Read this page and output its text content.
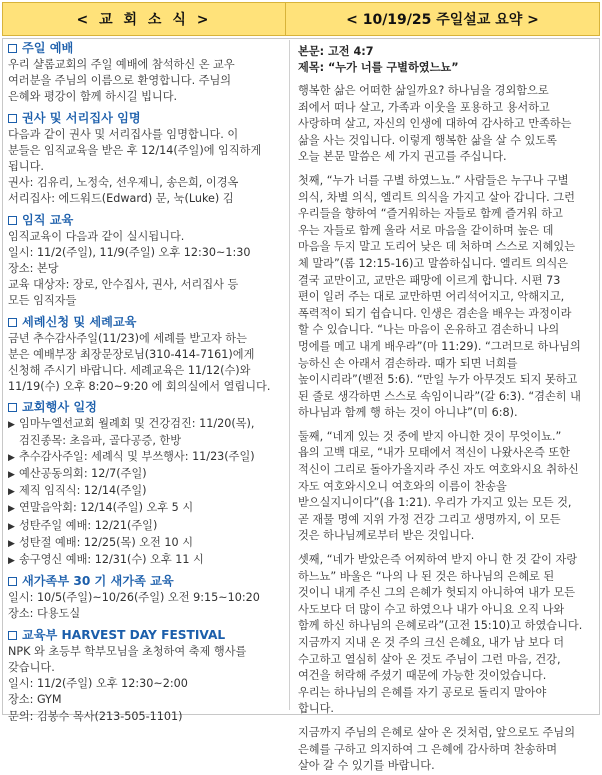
< 교 회 소 식 >	< 10/19/25 주일설교 요약 >
주일 예배
우리 샬롬교회의 주일 예배에 참석하신 온 교우
여러분을 주님의 이름으로 환영합니다. 주님의
은혜와 평강이 함께 하시길 빕니다.
권사 및 서리집사 임명
다음과 같이 권사 및 서리집사를 임명합니다. 이
분들은 임직교육을 받은 후 12/14(주일)에 임직하게
됩니다.
권사: 김유리, 노정숙, 선우제니, 송은희, 이경옥
서리집사: 에드워드(Edward) 문, 눅(Luke) 김
임직 교육
임직교육이 다음과 같이 실시됩니다.
일시: 11/2(주일), 11/9(주일) 오후 12:30~1:30
장소: 본당
교육 대상자: 장로, 안수집사, 권사, 서리집사 등
모든 임직자들
세례신청 및 세례교육
금년 추수감사주일(11/23)에 세례를 받고자 하는
분은 예배부장 최장문장로님(310-414-7161)에게
신청해 주시기 바랍니다. 세례교육은 11/12(수)와
11/19(수) 오후 8:20~9:20 에 회의실에서 열립니다.
교회행사 일정
▶ 임마누엘선교회 월례회 및 건강검진: 11/20(목),
검진종목: 초음파, 골다공증, 한방
▶ 추수감사주일: 세례식 및 부쓰행사: 11/23(주일)
▶ 예산공동의회: 12/7(주일)
▶ 제직 임직식: 12/14(주일)
▶ 연말음악회: 12/14(주일) 오후 5 시
▶ 성탄주일 예배: 12/21(주일)
▶ 성탄절 예배: 12/25(목) 오전 10 시
▶ 송구영신 예배: 12/31(수) 오후 11 시
새가족부 30 기 새가족 교육
일시: 10/5(주일)~10/26(주일) 오전 9:15~10:20
장소: 다용도실
교육부 HARVEST DAY FESTIVAL
NPK 와 초등부 학부모님을 초청하여 축제 행사를
갖습니다.
일시: 11/2(주일) 오후 12:30~2:00
장소: GYM
문의: 김봉수 목사(213-505-1101)
본문: 고전 4:7
제목: “누가 너를 구별하였느뇨”
행복한 삶은 어떠한 삶일까요? 하나님을 경외함으로
죄에서 떠나 살고, 가족과 이웃을 포용하고 용서하고
사랑하며 살고, 자신의 인생에 대하여 감사하고 만족하는
삶을 사는 것입니다. 이렇게 행복한 삶을 살 수 있도록
오늘 본문 말씀은 세 가지 권고를 주십니다.
첫째, “누가 너를 구별 하였느뇨.” 사람들은 누구나 구별
의식, 차별 의식, 엘리트 의식을 가지고 살아 갑니다. 그런
우리들을 향하여 “즐거워하는 자들로 함께 즐거워 하고
우는 자들로 함께 울라 서로 마음을 같이하며 높은 데
마음을 두지 말고 도리어 낮은 데 처하며 스스로 지혜있는
체 말라”(롬 12:15-16)고 말씀하십니다. 엘리트 의식은
결국 교만이고, 교만은 패망에 이르게 합니다. 시편 73
편이 일러 주는 대로 교만하면 어리석어지고, 악해지고,
폭력적이 되기 쉽습니다. 인생은 겸손을 배우는 과정이라
할 수 있습니다. “나는 마음이 온유하고 겸손하니 나의
멍에를 메고 내게 배우라”(마 11:29). “그러므로 하나님의
능하신 손 아래서 겸손하라. 때가 되면 너희를
높이시리라”(벧전 5:6). “만일 누가 아무것도 되지 못하고
된 줄로 생각하면 스스로 속임이니라”(갈 6:3). “겸손히 내
하나님과 함께 행 하는 것이 아니냐”(미 6:8).
둘째, “네게 있는 것 중에 받지 아니한 것이 무엇이뇨.”
욥의 고백 대로, “내가 모태에서 적신이 나왔사온즉 또한
적신이 그리로 돌아가올지라 주신 자도 여호와시요 취하신
자도 여호와시오니 여호와의 이름이 찬송을
받으실지니이다”(욥 1:21). 우리가 가지고 있는 모든 것,
곧 재물 명예 지위 가정 건강 그리고 생명까지, 이 모든
것은 하나님께로부터 받은 것입니다.
셋째, “네가 받았은즉 어찌하여 받지 아니 한 것 같이 자랑
하느뇨” 바울은 “나의 나 된 것은 하나님의 은혜로 된
것이니 내게 주신 그의 은혜가 헛되지 아니하여 내가 모든
사도보다 더 많이 수고 하였으나 내가 아니요 오직 나와
함께 하신 하나님의 은혜로라”(고전 15:10)고 하였습니다.
지금까지 지내 온 것 주의 크신 은혜요, 내가 남 보다 더
수고하고 열심히 살아 온 것도 주님이 그런 마음, 건강,
여건을 허락해 주셨기 때문에 가능한 것이었습니다.
우리는 하나님의 은혜를 자기 공로로 돌리지 말아야
합니다.
지금까지 주님의 은혜로 살아 온 것처럼, 앞으로도 주님의
은혜를 구하고 의지하여 그 은혜에 감사하며 찬송하며
살아 갈 수 있기를 바랍니다.
